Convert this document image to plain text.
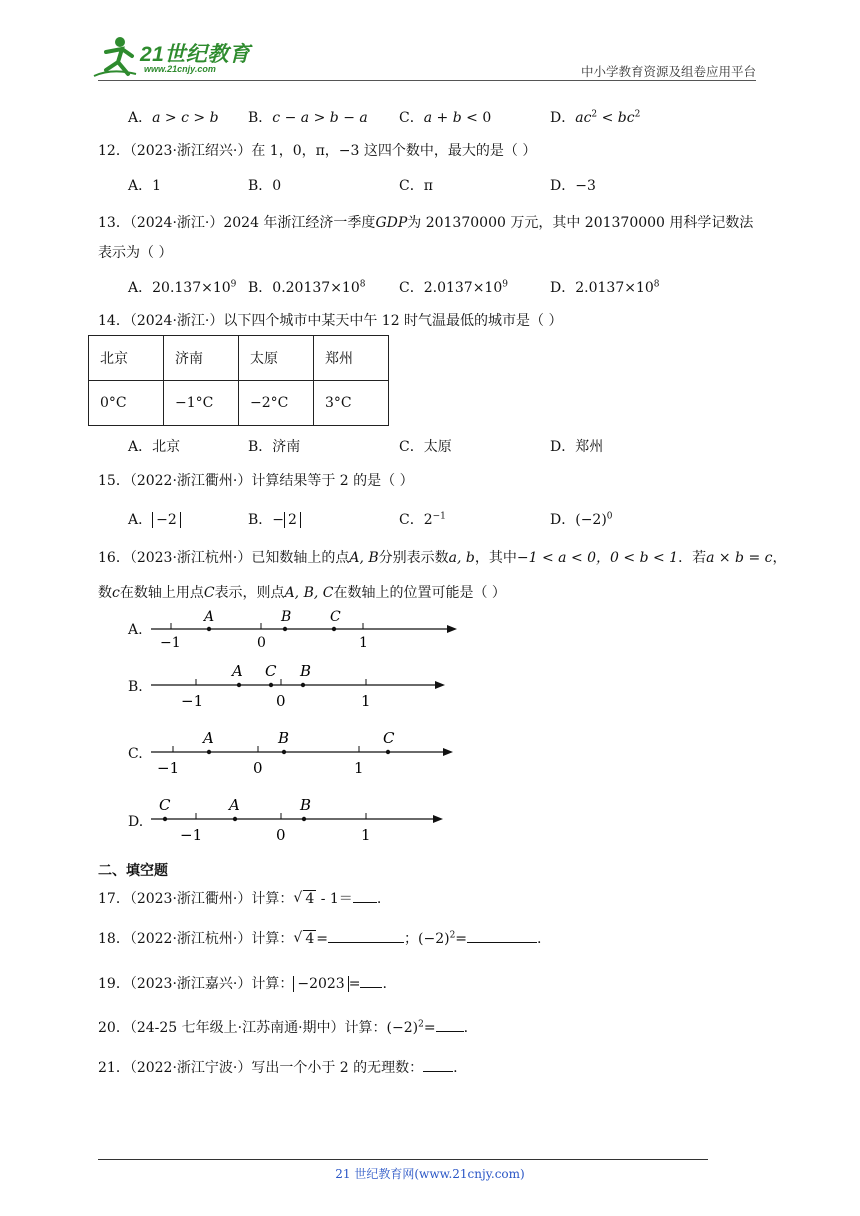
21世纪教育
www.21cnjy.com	中小学教育资源及组卷应用平台
A．a > c > b B．c − a > b − a C．a + b < 0	D．$ac^2 < bc^2$
12．（2023·浙江绍兴·）在 1，0，π，−3 这四个数中，最大的是（ ）
A．1	B．0	C．π	D．−3
13．（2024·浙江·）2024 年浙江经济一季度GDP为 201370000 万元，其中 201370000 用科学记数法
表示为（ ）
A．$20.137\times 10^9$ B．$0.20137\times 10^8$ C．$2.0137\times 10^9$	D．$2.0137\times 10^8$
14．（2024·浙江·）以下四个城市中某天中午 12 时气温最低的城市是（ ）
北京	济南	太原	郑州
0°C	−1°C	−2°C	3°C
A．北京	B．济南	C．太原	D．郑州
15．（2022·浙江衢州·）计算结果等于 2 的是（ ）
A． −2	B．− 2	C．$2^{-1}$	D．$(-2)^0$
16．（2023·浙江杭州·）已知数轴上的点A, B分别表示数a, b，其中−1 < a < 0，0 < b < 1．若a × b = c，
数c在数轴上用点C表示，则点A, B, C在数轴上的位置可能是（ ）
A.
−1	0	1
A	B	C
B.
−1	0	1
A C B
C.
−1	0	1
A	B	C
D.
−1	0	1
C	A	B
二、填空题
17．（2023·浙江衢州·）计算： √ 4 - 1＝ .
18．（2022·浙江杭州·）计算： √ 4 =	；$(-2)^2=$	.
19．（2023·浙江嘉兴·）计算： −2023 = .
20．（24-25 七年级上·江苏南通·期中）计算：$(-2)^2=$ .
21．（2022·浙江宁波·）写出一个小于 2 的无理数： .
21 世纪教育网(www.21cnjy.com)
